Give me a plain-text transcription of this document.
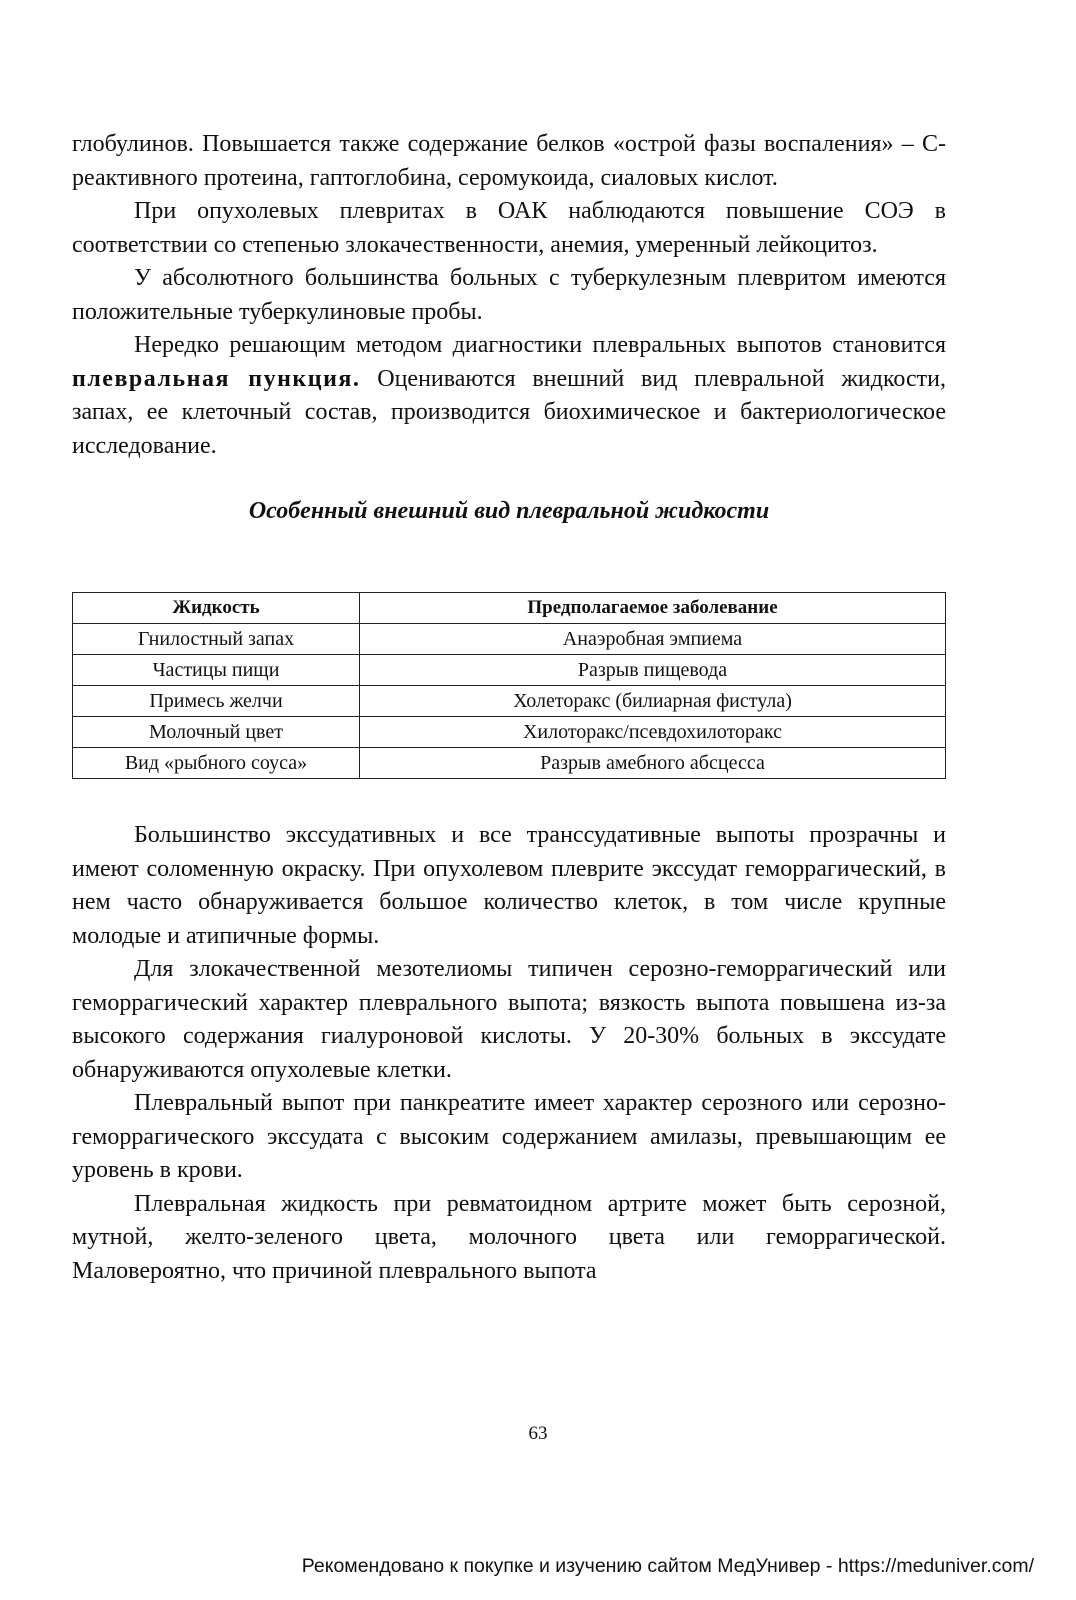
глобулинов. Повышается также содержание белков «острой фазы воспаления» – С-реактивного протеина, гаптоглобина, серомукоида, сиаловых кислот.

При опухолевых плевритах в ОАК наблюдаются повышение СОЭ в соответствии со степенью злокачественности, анемия, умеренный лейкоцитоз.

У абсолютного большинства больных с туберкулезным плевритом имеются положительные туберкулиновые пробы.

Нередко решающим методом диагностики плевральных выпотов становится плевральная пункция. Оцениваются внешний вид плевральной жидкости, запах, ее клеточный состав, производится биохимическое и бактериологическое исследование.

Особенный внешний вид плевральной жидкости
Жидкость	Предполагаемое заболевание
Гнилостный запах	Анаэробная эмпиема
Частицы пищи	Разрыв пищевода
Примесь желчи	Холеторакс (билиарная фистула)
Молочный цвет	Хилоторакс/псевдохилоторакс
Вид «рыбного соуса»	Разрыв амебного абсцесса

Большинство экссудативных и все транссудативные выпоты прозрачны и имеют соломенную окраску. При опухолевом плеврите экссудат геморрагический, в нем часто обнаруживается большое количество клеток, в том числе крупные молодые и атипичные формы.

Для злокачественной мезотелиомы типичен серозно-геморрагический или геморрагический характер плеврального выпота; вязкость выпота повышена из-за высокого содержания гиалуроновой кислоты. У 20-30% больных в экссудате обнаруживаются опухолевые клетки.

Плевральный выпот при панкреатите имеет характер серозного или серозно-геморрагического экссудата с высоким содержанием амилазы, превышающим ее уровень в крови.

Плевральная жидкость при ревматоидном артрите может быть серозной, мутной, желто-зеленого цвета, молочного цвета или геморрагической. Маловероятно, что причиной плеврального выпота

63
Рекомендовано к покупке и изучению сайтом МедУнивер - https://meduniver.com/
